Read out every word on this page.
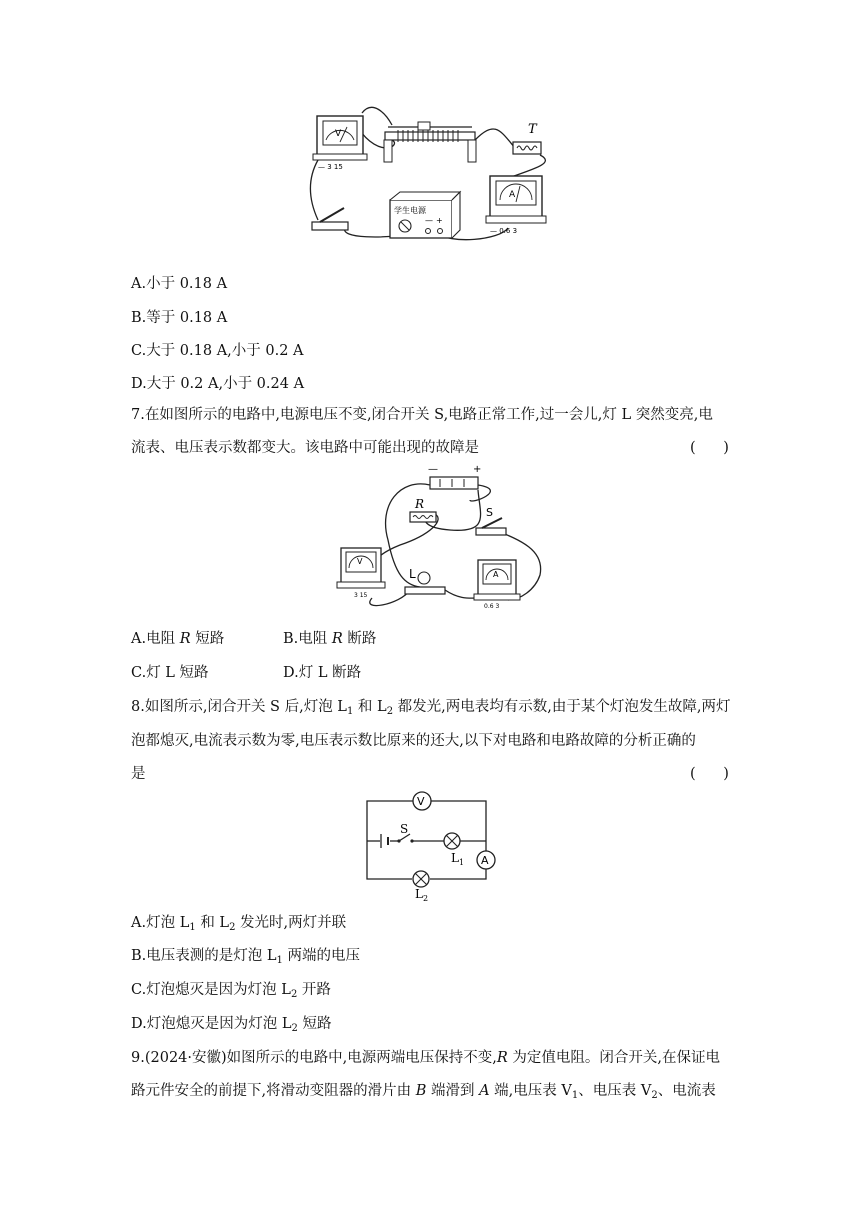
V
— 3 15
T
学生电源
— +
A
— 0.6 3
A.小于 0.18 A
B.等于 0.18 A
C.大于 0.18 A,小于 0.2 A
D.大于 0.2 A,小于 0.24 A
7.在如图所示的电路中,电源电压不变,闭合开关 S,电路正常工作,过一会儿,灯 L 突然变亮,电
流表、电压表示数都变大。该电路中可能出现的故障是	(      )
—	+
R
S
V
3 15
L	A
0.6 3
A.电阻 R 短路	B.电阻 R 断路
C.灯 L 短路	D.灯 L 断路
8.如图所示,闭合开关 S 后,灯泡 $L_1$ 和 $L_2$ 都发光,两电表均有示数,由于某个灯泡发生故障,两灯
泡都熄灭,电流表示数为零,电压表示数比原来的还大,以下对电路和电路故障的分析正确的
是	(      )
S
V
$L_1$ A
$L_2$
A.灯泡 $L_1$ 和 $L_2$ 发光时,两灯并联
B.电压表测的是灯泡 $L_1$ 两端的电压
C.灯泡熄灭是因为灯泡 $L_2$ 开路
D.灯泡熄灭是因为灯泡 $L_2$ 短路
9.(2024·安徽)如图所示的电路中,电源两端电压保持不变,R 为定值电阻。闭合开关,在保证电
路元件安全的前提下,将滑动变阻器的滑片由 B 端滑到 A 端,电压表 $V_1$、电压表 $V_2$、电流表
